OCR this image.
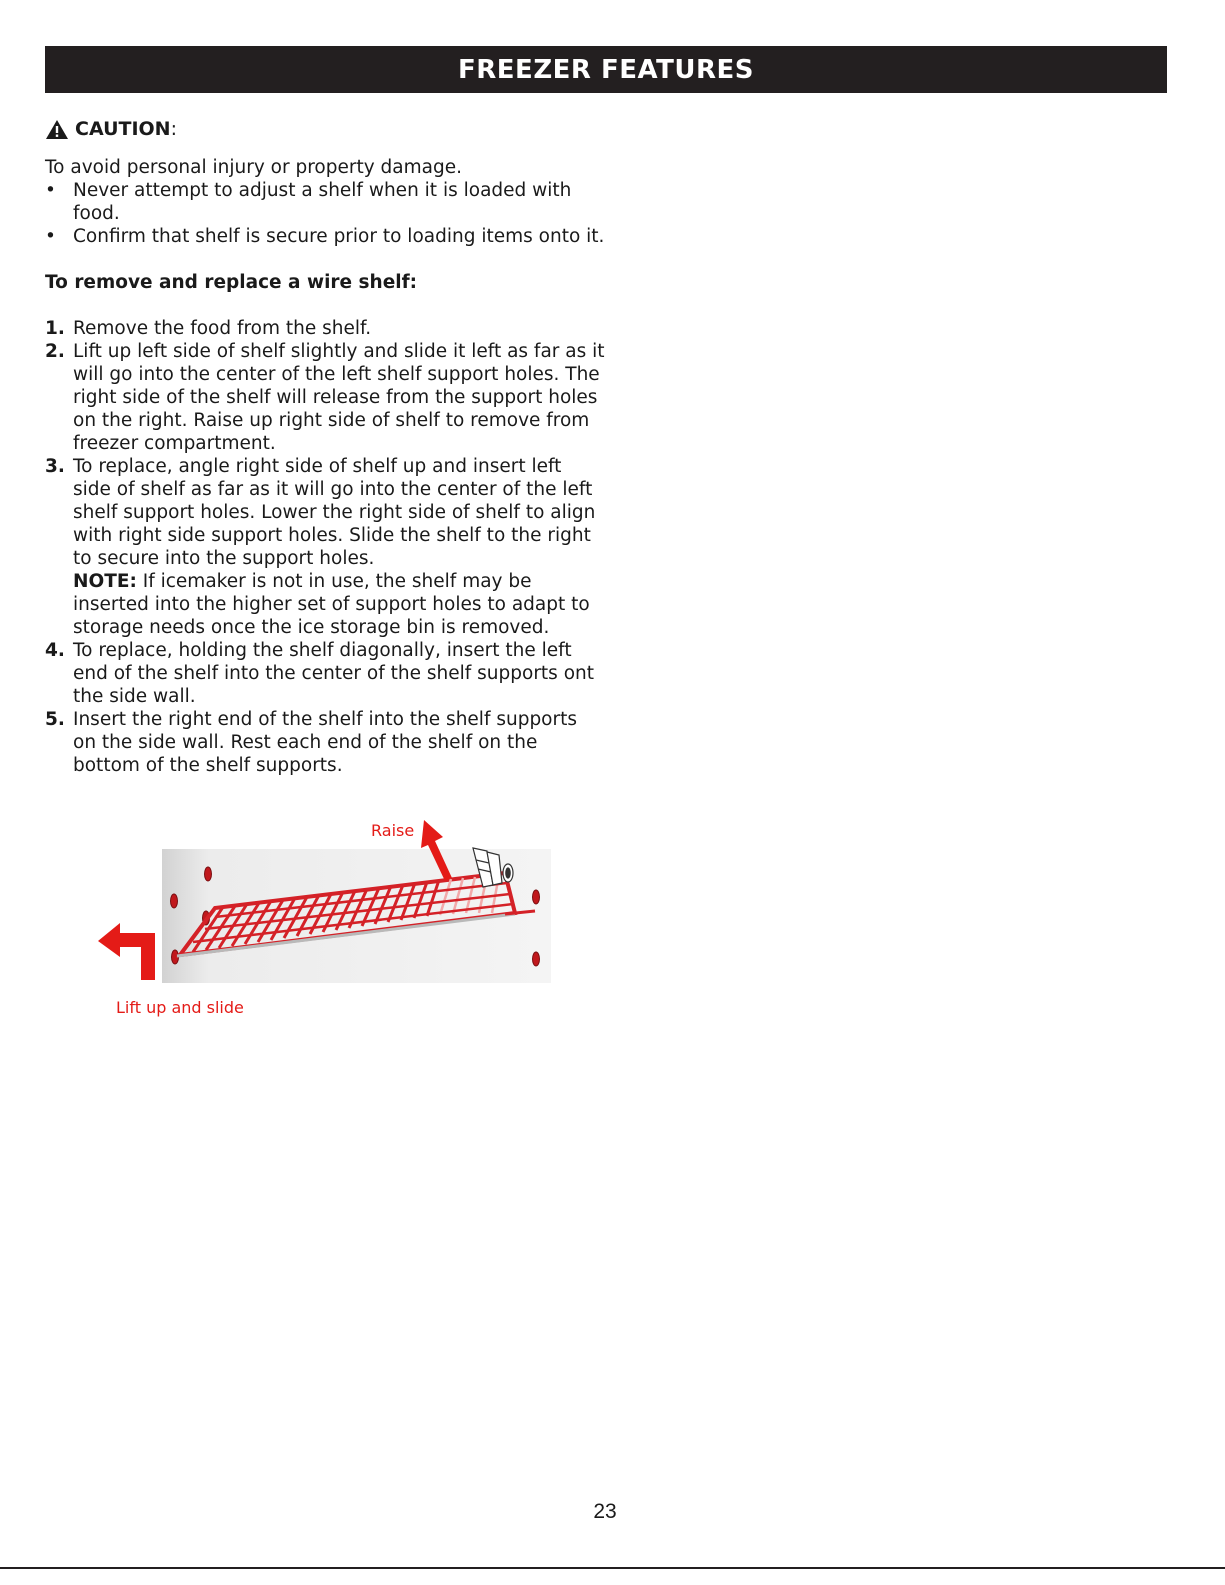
FREEZER FEATURES
CAUTION :

To avoid personal injury or property damage.

• Never attempt to adjust a shelf when it is loaded with food.
• Confirm that shelf is secure prior to loading items onto it.

To remove and replace a wire shelf:

1. Remove the food from the shelf.
2. Lift up left side of shelf slightly and slide it left as far as it will go into the center of the left shelf support holes. The right side of the shelf will release from the support holes on the right. Raise up right side of shelf to remove from freezer compartment.
3. To replace, angle right side of shelf up and insert left side of shelf as far as it will go into the center of the left shelf support holes. Lower the right side of shelf to align with right side support holes. Slide the shelf to the right to secure into the support holes.
NOTE: If icemaker is not in use, the shelf may be inserted into the higher set of support holes to adapt to storage needs once the ice storage bin is removed.
4. To replace, holding the shelf diagonally, insert the left end of the shelf into the center of the shelf supports ont the side wall.
5. Insert the right end of the shelf into the shelf supports on the side wall. Rest each end of the shelf on the bottom of the shelf supports.
Raise
Lift up and slide
23
